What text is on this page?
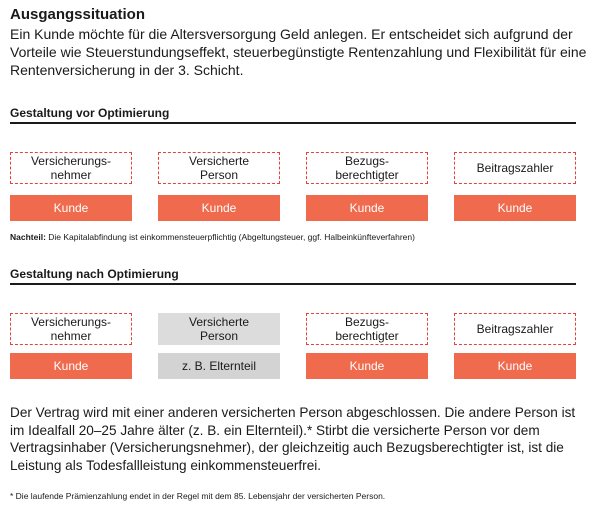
Ausgangssituation
Ein Kunde möchte für die Altersversorgung Geld anlegen. Er entscheidet sich aufgrund der Vorteile wie Steuerstundungseffekt, steuerbegünstigte Rentenzahlung und Flexibilität für eine Rentenversicherung in der 3. Schicht.
Gestaltung vor Optimierung
Versicherungs-
nehmer
Versicherte
Person
Bezugs-
berechtigter	Beitragszahler
Kunde	Kunde	Kunde	Kunde
Nachteil: Die Kapitalabfindung ist einkommensteuerpflichtig (Abgeltungsteuer, ggf. Halbeinkünfteverfahren)
Gestaltung nach Optimierung
Versicherungs-
nehmer
Versicherte
Person
Bezugs-
berechtigter	Beitragszahler
Kunde	z. B. Elternteil	Kunde	Kunde
Der Vertrag wird mit einer anderen versicherten Person abgeschlossen. Die andere Person ist im Idealfall 20–25 Jahre älter (z. B. ein Elternteil).* Stirbt die versicherte Person vor dem Vertragsinhaber (Versicherungsnehmer), der gleichzeitig auch Bezugsberechtigter ist, ist die Leistung als Todesfallleistung einkommensteuerfrei.
* Die laufende Prämienzahlung endet in der Regel mit dem 85. Lebensjahr der versicherten Person.
